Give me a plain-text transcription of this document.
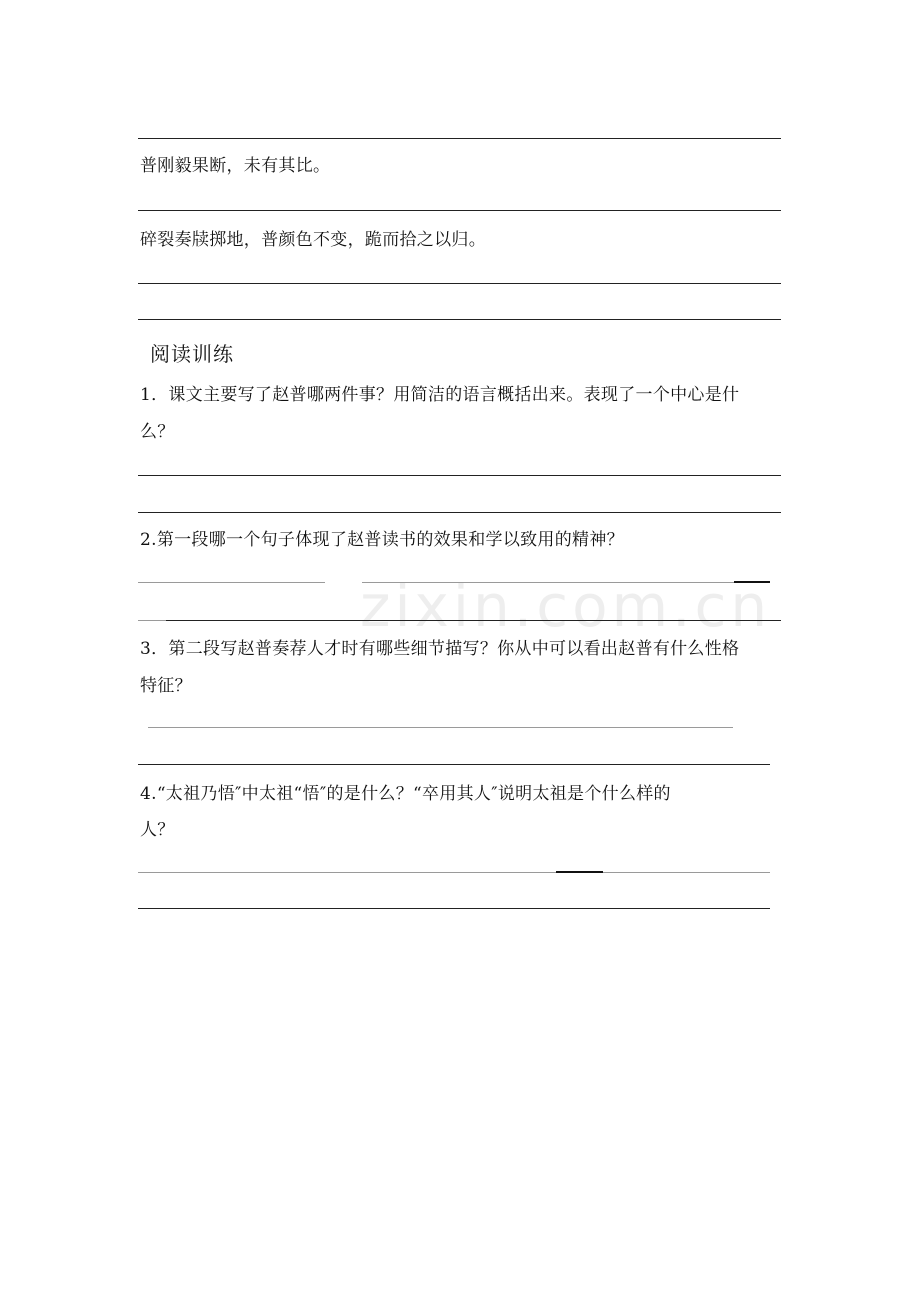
zixin.com.cn
普刚毅果断，未有其比。
碎裂奏牍掷地，普颜色不变，跪而拾之以归。
阅读训练
1．课文主要写了赵普哪两件事？用简洁的语言概括出来。表现了一个中心是什
么？
2.第一段哪一个句子体现了赵普读书的效果和学以致用的精神？
3．第二段写赵普奏荐人才时有哪些细节描写？你从中可以看出赵普有什么性格
特征？
4.“太祖乃悟″中太祖“悟″的是什么？“卒用其人″说明太祖是个什么样的
人？
